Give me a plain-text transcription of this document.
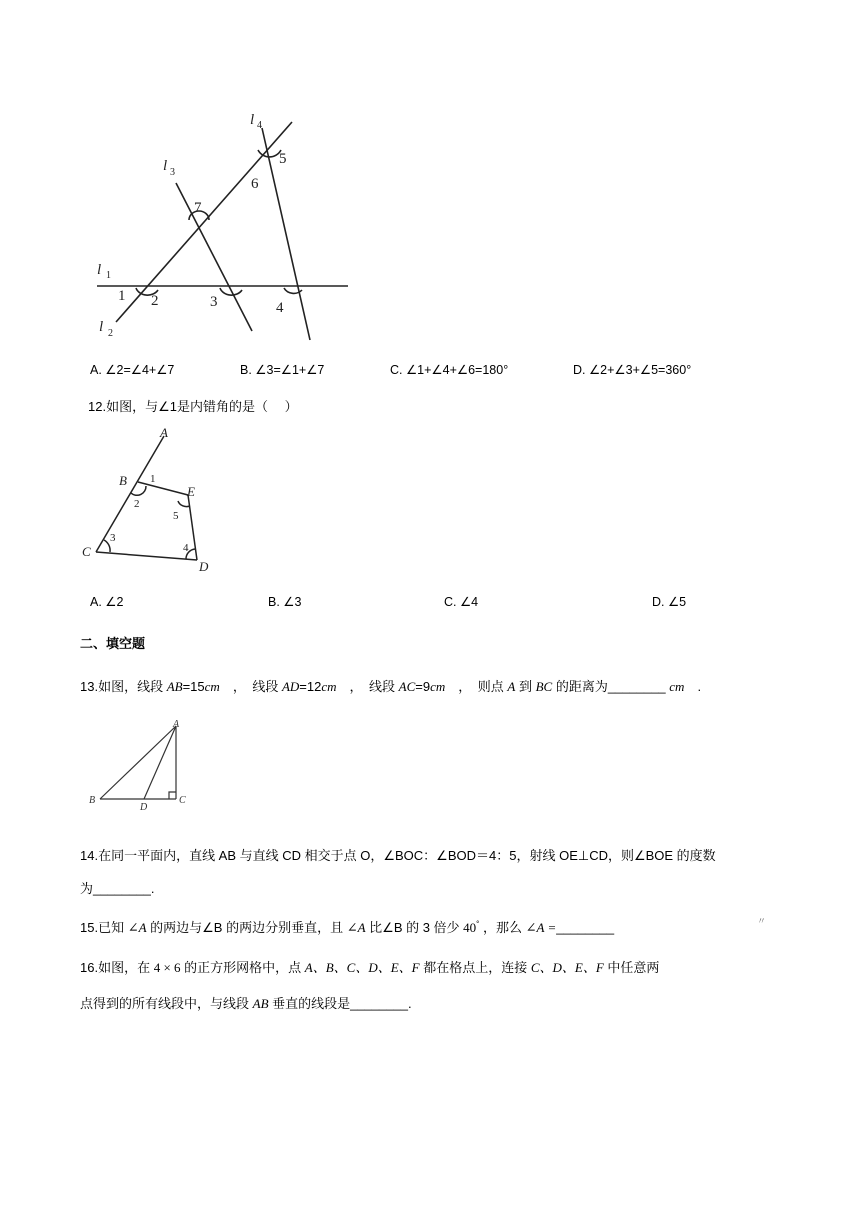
l 1
l 2
l 3
l 4
1 2	3	4
5
6
7
A. ∠2=∠4+∠7	B. ∠3=∠1+∠7	C. ∠1+∠4+∠6=180°	D. ∠2+∠3+∠5=360°
12.如图，与∠1是内错角的是（　 ）
A
B
C
D
E
1
2
3
4
5
A. ∠2	B. ∠3	C. ∠4	D. ∠5
二、填空题
13.如图，线段 AB=15cm　，　线段 AD=12cm　，　线段 AC=9cm　，　则点 A 到 BC 的距离为________ cm　.
A
B
D
C
14.在同一平面内，直线 AB 与直线 CD 相交于点 O，∠BOC：∠BOD＝4：5，射线 OE⊥CD，则∠BOE 的度数
为________.
15.已知 ∠A 的两边与∠B 的两边分别垂直，且 ∠A 比∠B 的 3 倍少 40° ，那么 ∠A =________	〃
16.如图，在 4 × 6 的正方形网格中，点 A、B、C、D、E、F 都在格点上，连接 C、D、E、F 中任意两
点得到的所有线段中，与线段 AB 垂直的线段是________.
